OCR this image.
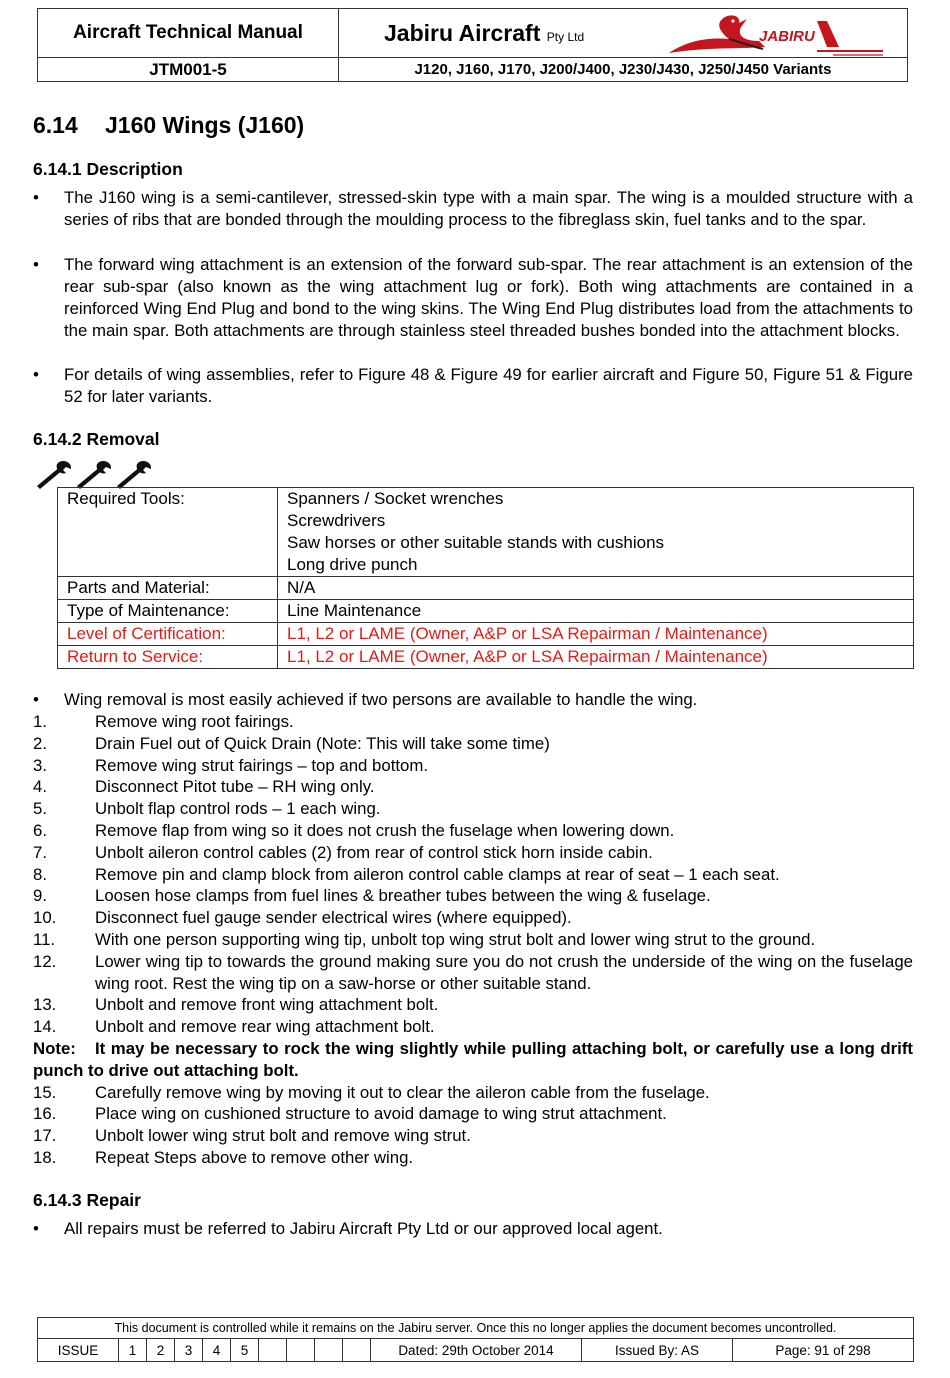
Aircraft Technical Manual	Jabiru Aircraft Pty Ltd JABIRU

JTM001-5	J120, J160, J170, J200/J400, J230/J430, J250/J450 Variants
6.14 J160 Wings (J160)
6.14.1 Description
• The J160 wing is a semi-cantilever, stressed-skin type with a main spar. The wing is a moulded structure with a series of ribs that are bonded through the moulding process to the fibreglass skin, fuel tanks and to the spar.
• The forward wing attachment is an extension of the forward sub-spar. The rear attachment is an extension of the rear sub-spar (also known as the wing attachment lug or fork). Both wing attachments are contained in a reinforced Wing End Plug and bond to the wing skins. The Wing End Plug distributes load from the attachments to the main spar. Both attachments are through stainless steel threaded bushes bonded into the attachment blocks.
• For details of wing assemblies, refer to Figure 48 & Figure 49 for earlier aircraft and Figure 50, Figure 51 & Figure 52 for later variants.
6.14.2 Removal
Required Tools:	Spanners / Socket wrenches
Screwdrivers
Saw horses or other suitable stands with cushions
Long drive punch

Parts and Material:	N/A
Type of Maintenance:	Line Maintenance
Level of Certification:	L1, L2 or LAME (Owner, A&P or LSA Repairman / Maintenance)
Return to Service:	L1, L2 or LAME (Owner, A&P or LSA Repairman / Maintenance)
• Wing removal is most easily achieved if two persons are available to handle the wing.
1.	Remove wing root fairings.
2.	Drain Fuel out of Quick Drain (Note: This will take some time)
3.	Remove wing strut fairings – top and bottom.
4.	Disconnect Pitot tube – RH wing only.
5.	Unbolt flap control rods – 1 each wing.
6.	Remove flap from wing so it does not crush the fuselage when lowering down.
7.	Unbolt aileron control cables (2) from rear of control stick horn inside cabin.
8.	Remove pin and clamp block from aileron control cable clamps at rear of seat – 1 each seat.
9.	Loosen hose clamps from fuel lines & breather tubes between the wing & fuselage.
10. Disconnect fuel gauge sender electrical wires (where equipped).
11. With one person supporting wing tip, unbolt top wing strut bolt and lower wing strut to the ground.
12. Lower wing tip to towards the ground making sure you do not crush the underside of the wing on the fuselage wing root. Rest the wing tip on a saw-horse or other suitable stand.
13. Unbolt and remove front wing attachment bolt.
14. Unbolt and remove rear wing attachment bolt.
Note: It may be necessary to rock the wing slightly while pulling attaching bolt, or carefully use a long drift punch to drive out attaching bolt.
15. Carefully remove wing by moving it out to clear the aileron cable from the fuselage.
16. Place wing on cushioned structure to avoid damage to wing strut attachment.
17. Unbolt lower wing strut bolt and remove wing strut.
18. Repeat Steps above to remove other wing.
6.14.3 Repair
• All repairs must be referred to Jabiru Aircraft Pty Ltd or our approved local agent.
This document is controlled while it remains on the Jabiru server. Once this no longer applies the document becomes uncontrolled.
ISSUE	1	2	3	4	5					Dated: 29th October 2014	Issued By: AS	Page: 91 of 298
